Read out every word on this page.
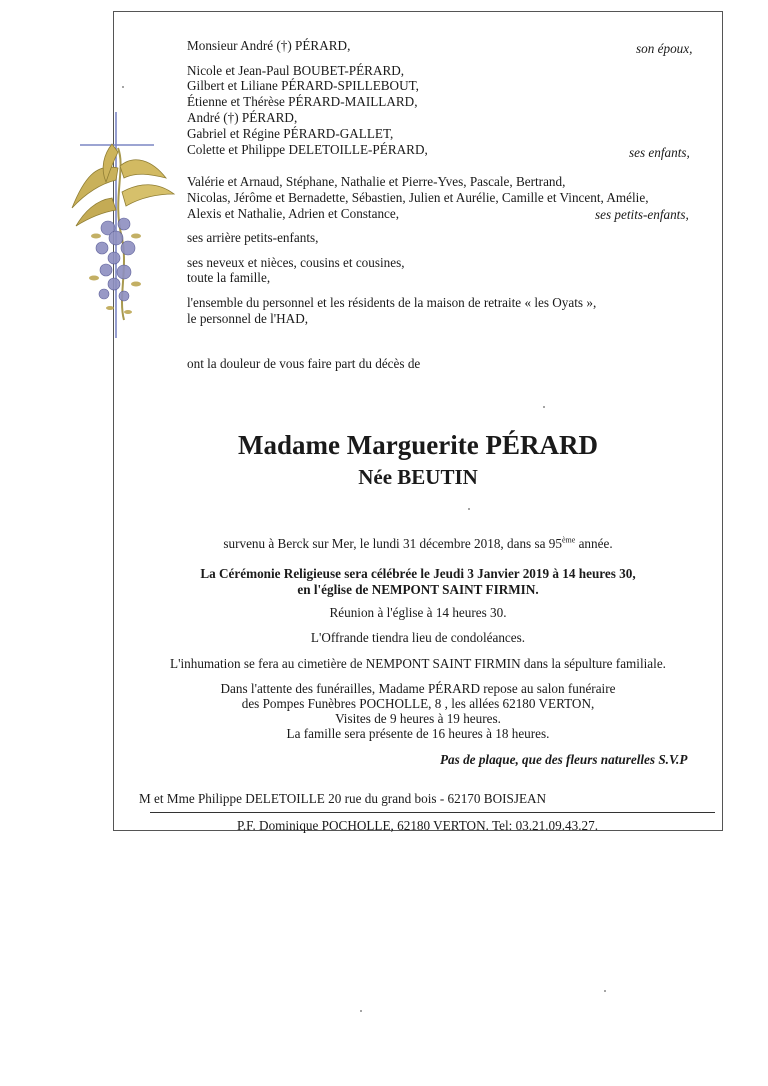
Monsieur André (†) PÉRARD,	son époux,
Nicole et Jean-Paul BOUBET-PÉRARD,
Gilbert et Liliane PÉRARD-SPILLEBOUT,
Étienne et Thérèse PÉRARD-MAILLARD,
André (†) PÉRARD,
Gabriel et Régine PÉRARD-GALLET,
Colette et Philippe DELETOILLE-PÉRARD,	ses enfants,
Valérie et Arnaud, Stéphane, Nathalie et Pierre-Yves, Pascale, Bertrand,
Nicolas, Jérôme et Bernadette, Sébastien, Julien et Aurélie, Camille et Vincent, Amélie,
Alexis et Nathalie, Adrien et Constance,	ses petits-enfants,
ses arrière petits-enfants,
ses neveux et nièces, cousins et cousines,
toute la famille,
l'ensemble du personnel et les résidents de la maison de retraite « les Oyats »,
le personnel de l'HAD,
ont la douleur de vous faire part du décès de
Madame Marguerite PÉRARD
Née BEUTIN
survenu à Berck sur Mer, le lundi 31 décembre 2018, dans sa 95ème année.
La Cérémonie Religieuse sera célébrée le Jeudi 3 Janvier 2019 à 14 heures 30,
en l'église de NEMPONT SAINT FIRMIN.
Réunion à l'église à 14 heures 30.
L'Offrande tiendra lieu de condoléances.
L'inhumation se fera au cimetière de NEMPONT SAINT FIRMIN dans la sépulture familiale.
Dans l'attente des funérailles, Madame PÉRARD repose au salon funéraire
des Pompes Funèbres POCHOLLE, 8 , les allées 62180 VERTON,
Visites de 9 heures à 19 heures.
La famille sera présente de 16 heures à 18 heures.
Pas de plaque, que des fleurs naturelles S.V.P
M et Mme Philippe DELETOILLE 20 rue du grand bois - 62170 BOISJEAN
P.F. Dominique POCHOLLE, 62180 VERTON. Tel: 03.21.09.43.27.
